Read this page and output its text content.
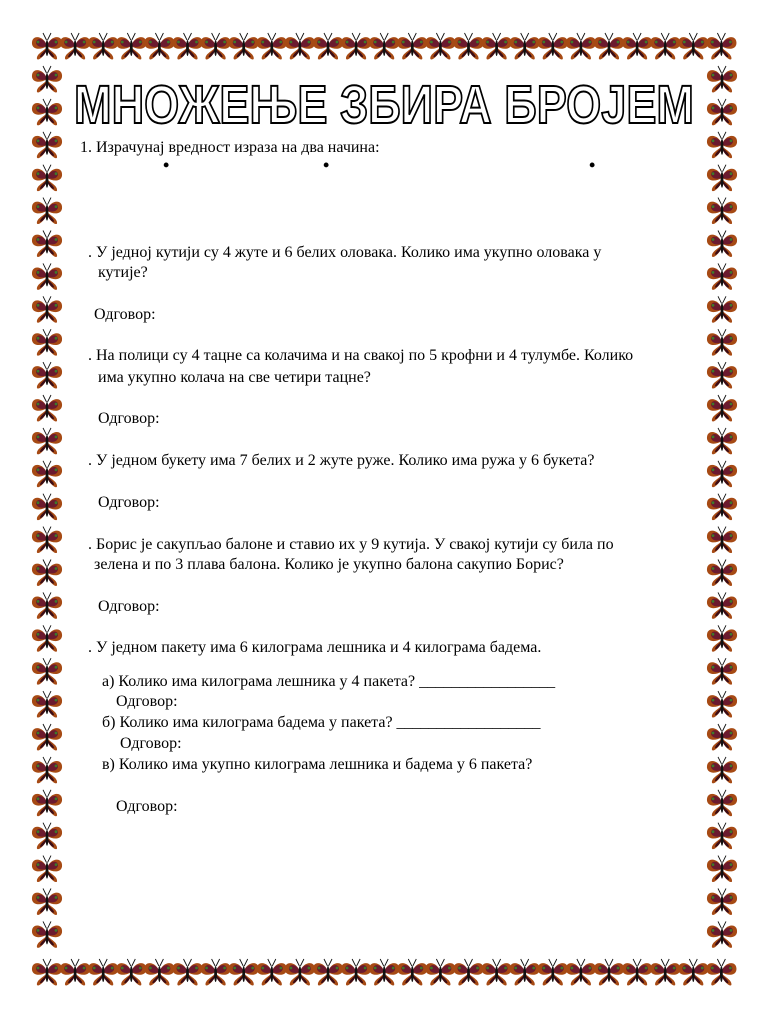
МНОЖЕЊЕ ЗБИРА БРОЈЕМ
1. Израчунај вредност израза на два начина:
•	•	•
. У једној кутији су 4 жуте и 6 белих оловака. Колико има укупно оловака у
кутије?
Одговор:
. На полици су 4 тацне са колачима и на свакој по 5 крофни и 4 тулумбе. Колико
има укупно колача на све четири тацне?
Одговор:
. У једном букету има 7 белих и 2 жуте руже. Колико има ружа у 6 букета?
Одговор:
. Борис је сакупљао балоне и ставио их у 9 кутија. У свакој кутији су била по
зелена и по 3 плава балона. Колико је укупно балона сакупио Борис?
Одговор:
. У једном пакету има 6 килограма лешника и 4 килограма бадема.
а) Колико има килограма лешника у 4 пакета? _________________
Одговор:
б) Колико има килограма бадема у пакета? __________________
Одговор:
в) Колико има укупно килограма лешника и бадема у 6 пакета?
Одговор:
